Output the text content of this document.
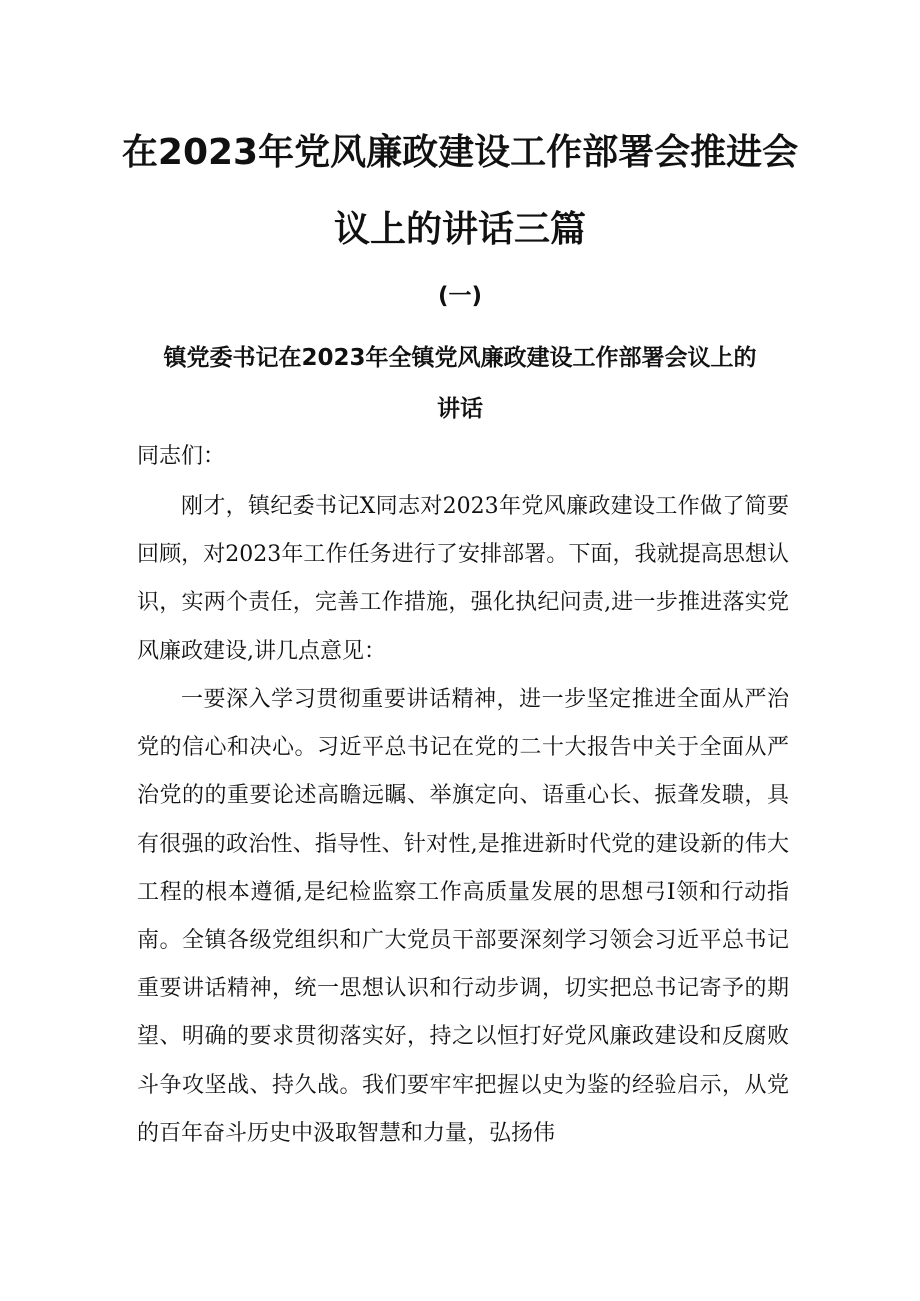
在2023年党风廉政建设工作部署会推进会
议上的讲话三篇
(一)
镇党委书记在2023年全镇党风廉政建设工作部署会议上的
讲话
同志们：

刚才，镇纪委书记X同志对2023年党风廉政建设工作做了简要回顾，对2023年工作任务进行了安排部署。下面，我就提高思想认识，实两个责任，完善工作措施，强化执纪问责,进一步推进落实党风廉政建设,讲几点意见：

一要深入学习贯彻重要讲话精神，进一步坚定推进全面从严治党的信心和决心。习近平总书记在党的二十大报告中关于全面从严治党的的重要论述高瞻远瞩、举旗定向、语重心长、振聋发聩，具有很强的政治性、指导性、针对性,是推进新时代党的建设新的伟大工程的根本遵循,是纪检监察工作高质量发展的思想弓I领和行动指南。全镇各级党组织和广大党员干部要深刻学习领会习近平总书记重要讲话精神，统一思想认识和行动步调，切实把总书记寄予的期望、明确的要求贯彻落实好，持之以恒打好党风廉政建设和反腐败斗争攻坚战、持久战。我们要牢牢把握以史为鉴的经验启示，从党的百年奋斗历史中汲取智慧和力量，弘扬伟
